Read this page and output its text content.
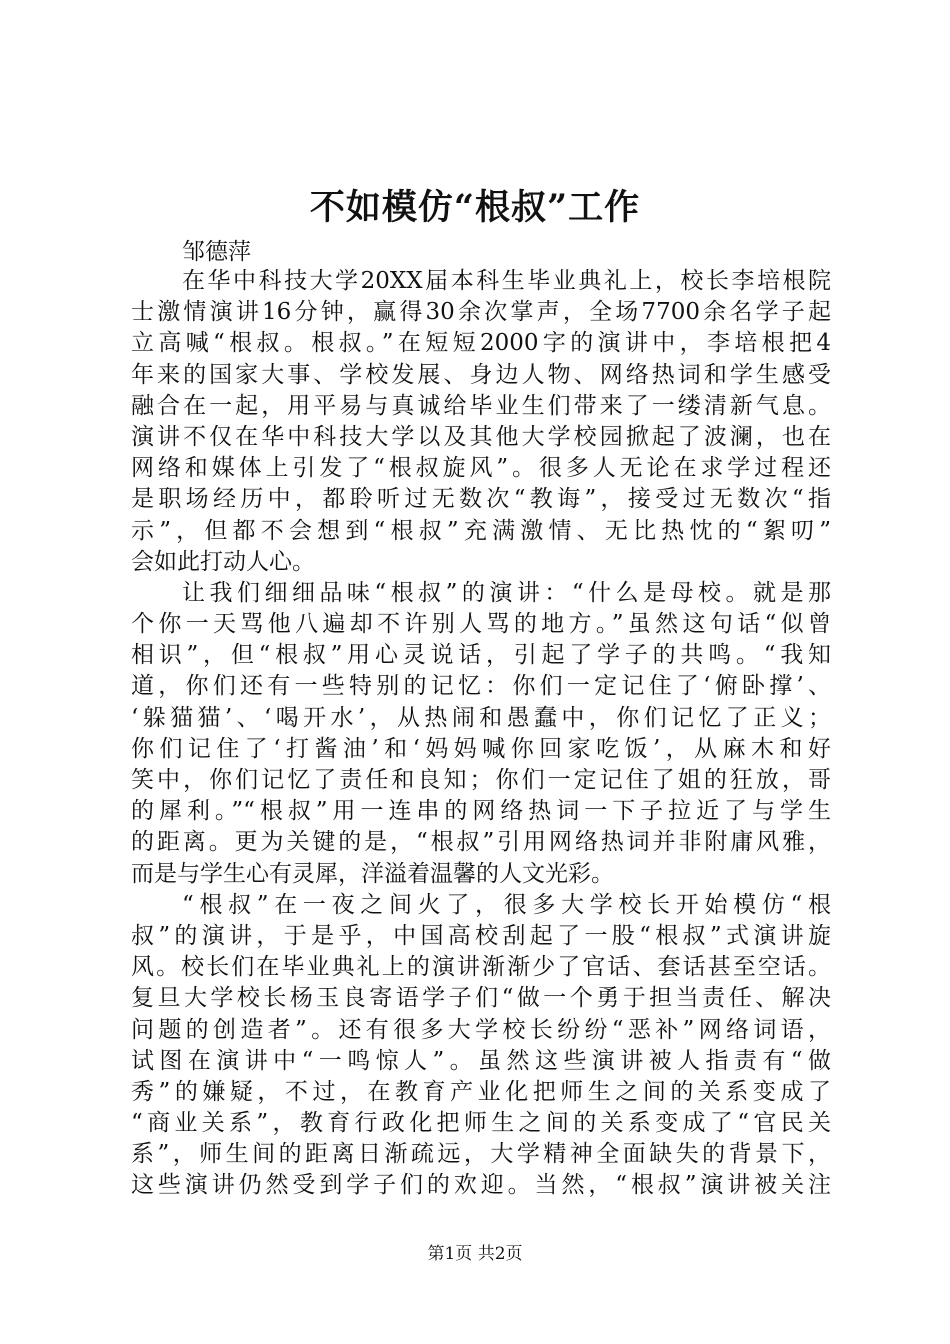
不如模仿“根叔”工作
邹德萍
在华中科技大学20XX届本科生毕业典礼上，校长李培根院
士激情演讲16分钟，赢得30余次掌声，全场7700余名学子起
立高喊“根叔。根叔。”在短短2000字的演讲中，李培根把4
年来的国家大事、学校发展、身边人物、网络热词和学生感受
融合在一起，用平易与真诚给毕业生们带来了一缕清新气息。
演讲不仅在华中科技大学以及其他大学校园掀起了波澜，也在
网络和媒体上引发了“根叔旋风”。很多人无论在求学过程还
是职场经历中，都聆听过无数次“教诲”，接受过无数次“指
示”，但都不会想到“根叔”充满激情、无比热忱的“絮叨”
会如此打动人心。
让我们细细品味“根叔”的演讲：“什么是母校。就是那
个你一天骂他八遍却不许别人骂的地方。”虽然这句话“似曾
相识”，但“根叔”用心灵说话，引起了学子的共鸣。“我知
道，你们还有一些特别的记忆：你们一定记住了‘俯卧撑’、
‘躲猫猫’、‘喝开水’，从热闹和愚蠢中，你们记忆了正义；
你们记住了‘打酱油’和‘妈妈喊你回家吃饭’，从麻木和好
笑中，你们记忆了责任和良知；你们一定记住了姐的狂放，哥
的犀利。”“根叔”用一连串的网络热词一下子拉近了与学生
的距离。更为关键的是，“根叔”引用网络热词并非附庸风雅，
而是与学生心有灵犀，洋溢着温馨的人文光彩。
“根叔”在一夜之间火了，很多大学校长开始模仿“根
叔”的演讲，于是乎，中国高校刮起了一股“根叔”式演讲旋
风。校长们在毕业典礼上的演讲渐渐少了官话、套话甚至空话。
复旦大学校长杨玉良寄语学子们“做一个勇于担当责任、解决
问题的创造者”。还有很多大学校长纷纷“恶补”网络词语，
试图在演讲中“一鸣惊人”。虽然这些演讲被人指责有“做
秀”的嫌疑，不过，在教育产业化把师生之间的关系变成了
“商业关系”，教育行政化把师生之间的关系变成了“官民关
系”，师生间的距离日渐疏远，大学精神全面缺失的背景下，
这些演讲仍然受到学子们的欢迎。当然，“根叔”演讲被关注
第1页 共2页
